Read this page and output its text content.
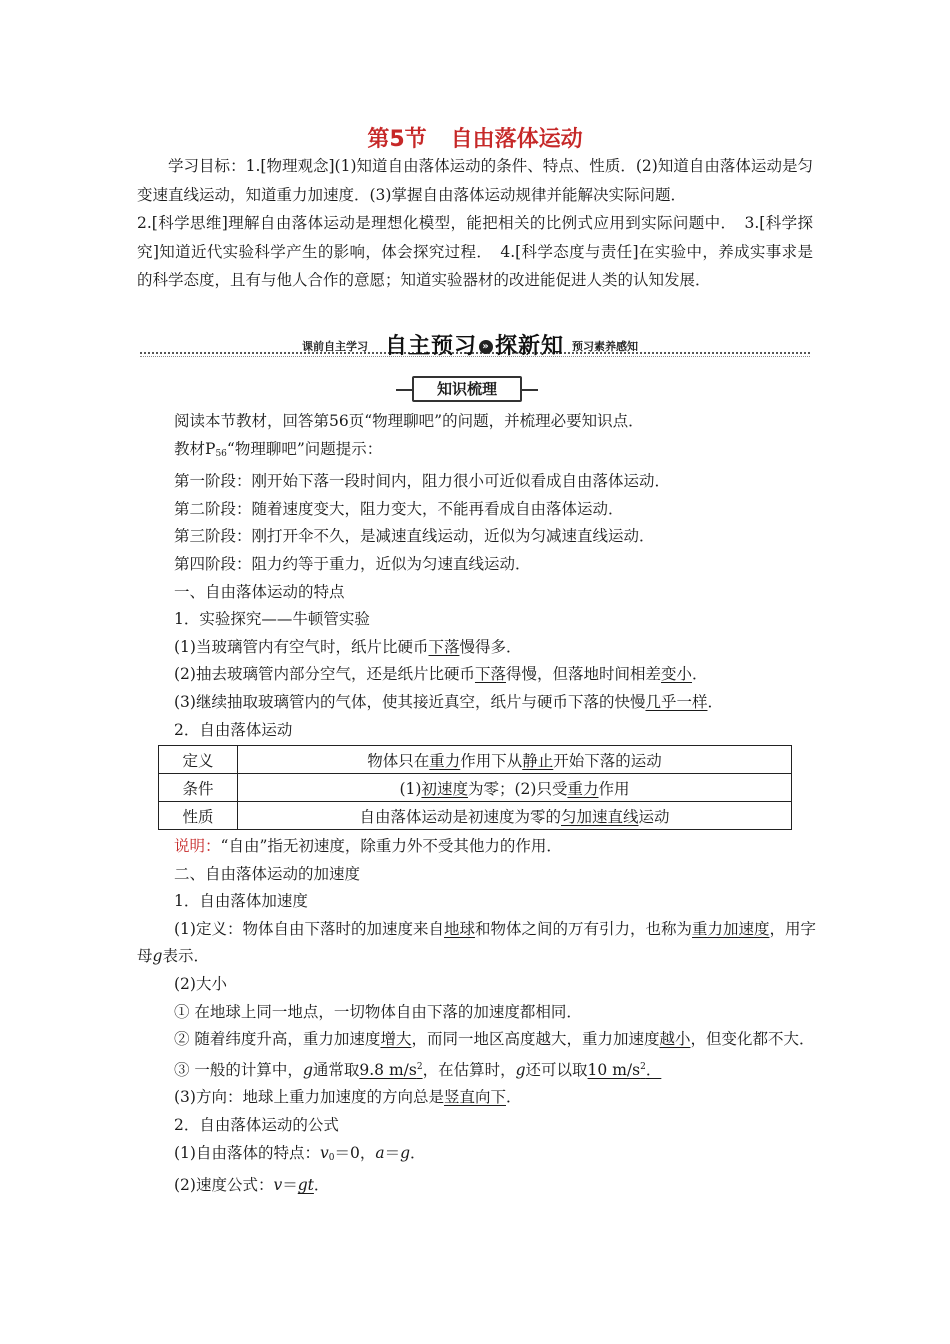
第5节 自由落体运动

学习目标：1.[物理观念](1)知道自由落体运动的条件、特点、性质．(2)知道自由落体运动是匀变速直线运动，知道重力加速度．(3)掌握自由落体运动规律并能解决实际问题．

2.[科学思维]理解自由落体运动是理想化模型，能把相关的比例式应用到实际问题中．　3.[科学探究]知道近代实验科学产生的影响，体会探究过程．　4.[科学态度与责任]在实验中，养成实事求是的科学态度，且有与他人合作的意愿；知道实验器材的改进能促进人类的认知发展．

课前自主学习 自主预习 » 探新知 预习素养感知
知识梳理

阅读本节教材，回答第56页“物理聊吧”的问题，并梳理必要知识点．

教材$P_{56}“$物理聊吧”问题提示：

第一阶段：刚开始下落一段时间内，阻力很小可近似看成自由落体运动．

第二阶段：随着速度变大，阻力变大，不能再看成自由落体运动．

第三阶段：刚打开伞不久，是减速直线运动，近似为匀减速直线运动．

第四阶段：阻力约等于重力，近似为匀速直线运动．

一、自由落体运动的特点

1．实验探究——牛顿管实验

(1)当玻璃管内有空气时，纸片比硬币下落慢得多．

(2)抽去玻璃管内部分空气，还是纸片比硬币下落得慢，但落地时间相差变小．

(3)继续抽取玻璃管内的气体，使其接近真空，纸片与硬币下落的快慢几乎一样．

2．自由落体运动

定义	物体只在重力作用下从静止开始下落的运动
条件	(1)初速度为零；(2)只受重力作用
性质	自由落体运动是初速度为零的匀加速直线运动

说明：“自由”指无初速度，除重力外不受其他力的作用．

二、自由落体运动的加速度

1．自由落体加速度

(1)定义：物体自由下落时的加速度来自地球和物体之间的万有引力，也称为重力加速度，用字母g表示．

(2)大小

① 在地球上同一地点，一切物体自由下落的加速度都相同．

② 随着纬度升高，重力加速度增大，而同一地区高度越大，重力加速度越小，但变化都不大．

③ 一般的计算中，g通常取9.8 $m/s^2$，在估算时，g还可以取10 $m/s^2$．

(3)方向：地球上重力加速度的方向总是竖直向下．

2．自由落体运动的公式

(1)自由落体的特点：$v_0=0$，a＝g．

(2)速度公式：v＝gt．
